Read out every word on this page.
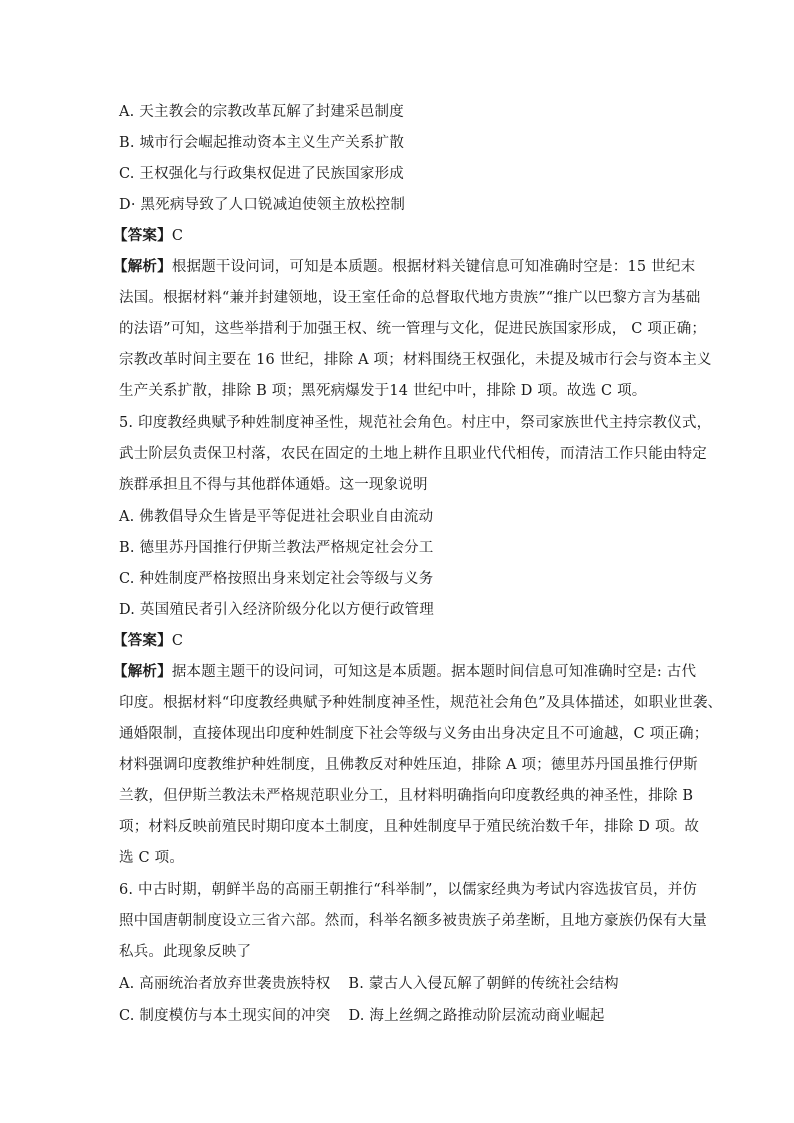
A. 天主教会的宗教改革瓦解了封建采邑制度
B. 城市行会崛起推动资本主义生产关系扩散
C. 王权强化与行政集权促进了民族国家形成
D· 黑死病导致了人口锐减迫使领主放松控制
【答案】C
【解析】根据题干设问词，可知是本质题。根据材料关键信息可知准确时空是：15 世纪末
法国。根据材料“兼并封建领地，设王室任命的总督取代地方贵族”“推广以巴黎方言为基础
的法语”可知，这些举措利于加强王权、统一管理与文化，促进民族国家形成， C 项正确；
宗教改革时间主要在 16 世纪，排除 A 项；材料围绕王权强化，未提及城市行会与资本主义
生产关系扩散，排除 B 项；黑死病爆发于14 世纪中叶，排除 D 项。故选 C 项。
5. 印度教经典赋予种姓制度神圣性，规范社会角色。村庄中，祭司家族世代主持宗教仪式，
武士阶层负责保卫村落，农民在固定的土地上耕作且职业代代相传，而清洁工作只能由特定
族群承担且不得与其他群体通婚。这一现象说明
A. 佛教倡导众生皆是平等促进社会职业自由流动
B. 德里苏丹国推行伊斯兰教法严格规定社会分工
C. 种姓制度严格按照出身来划定社会等级与义务
D. 英国殖民者引入经济阶级分化以方便行政管理
【答案】C
【解析】据本题主题干的设问词，可知这是本质题。据本题时间信息可知准确时空是: 古代
印度。根据材料“印度教经典赋予种姓制度神圣性，规范社会角色”及具体描述，如职业世袭、
通婚限制，直接体现出印度种姓制度下社会等级与义务由出身决定且不可逾越，C 项正确；
材料强调印度教维护种姓制度，且佛教反对种姓压迫，排除 A 项；德里苏丹国虽推行伊斯
兰教，但伊斯兰教法未严格规范职业分工，且材料明确指向印度教经典的神圣性，排除 B
项；材料反映前殖民时期印度本土制度，且种姓制度早于殖民统治数千年，排除 D 项。故
选 C 项。
6. 中古时期，朝鲜半岛的高丽王朝推行“科举制”，以儒家经典为考试内容选拔官员，并仿
照中国唐朝制度设立三省六部。然而，科举名额多被贵族子弟垄断，且地方豪族仍保有大量
私兵。此现象反映了
A. 高丽统治者放弃世袭贵族特权 B. 蒙古人入侵瓦解了朝鲜的传统社会结构
C. 制度模仿与本土现实间的冲突 D. 海上丝绸之路推动阶层流动商业崛起
